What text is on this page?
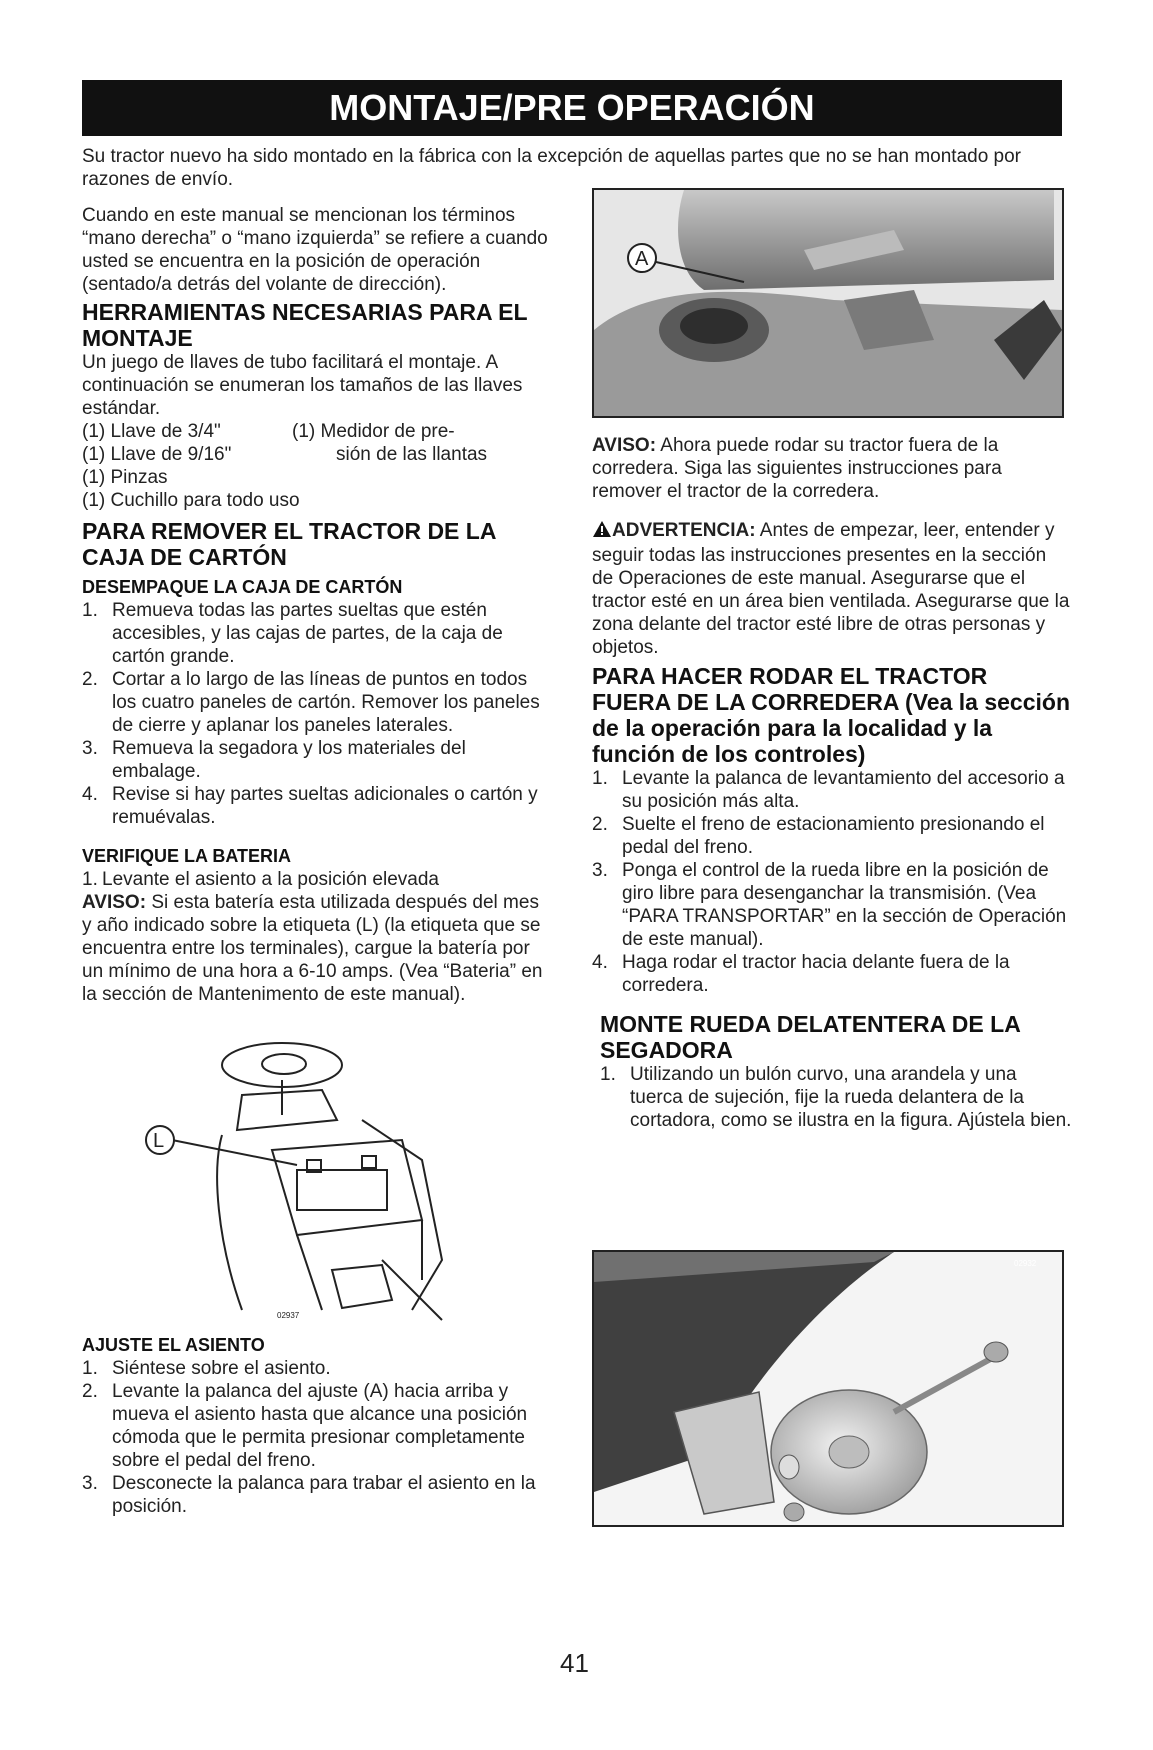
MONTAJE/PRE OPERACIÓN

Su tractor nuevo ha sido montado en la fábrica con la excepción de aquellas partes que no se han montado por razones de envío.

Cuando en este manual se mencionan los términos “mano derecha” o “mano izquierda” se refiere a cuando usted se encuentra en la posición de operación (sentado/a detrás del volante de dirección).

HERRAMIENTAS NECESARIAS PARA EL MONTAJE

Un juego de llaves de tubo facilitará el montaje. A continuación se enumeran los tamaños de las llaves estándar.

(1) Llave de 3/4"
(1) Llave de 9/16"
(1) Medidor de pre-
sión de las llantas
(1) Pinzas
(1) Cuchillo para todo uso
PARA REMOVER EL TRACTOR DE LA CAJA DE CARTÓN
DESEMPAQUE LA CAJA DE CARTÓN
1. Remueva todas las partes sueltas que estén accesibles, y las cajas de partes, de la caja de cartón grande.
2. Cortar a lo largo de las líneas de puntos en todos los cuatro paneles de cartón. Remover los paneles de cierre y aplanar los paneles laterales.
3. Remueva la segadora y los materiales del embalage.
4. Revise si hay partes sueltas adicionales o cartón y remuévalas.
VERIFIQUE LA BATERIA
1. Levante el asiento a la posición elevada

AVISO: Si esta batería esta utilizada después del mes y año indicado sobre la etiqueta (L) (la etiqueta que se encuentra entre los terminales), cargue la batería por un mínimo de una hora a 6-10 amps. (Vea “Bateria” en la sección de Mantenimento de este manual).

L
02937
AJUSTE EL ASIENTO
1. Siéntese sobre el asiento.
2. Levante la palanca del ajuste (A) hacia arriba y mueva el asiento hasta que alcance una posición cómoda que le permita presionar completamente sobre el pedal del freno.
3. Desconecte la palanca para trabar el asiento en la posición.
A

AVISO: Ahora puede rodar su tractor fuera de la corredera. Siga las siguientes instrucciones para remover el tractor de la corredera.

ADVERTENCIA: Antes de empezar, leer, entender y seguir todas las instrucciones presentes en la sección de Operaciones de este manual. Asegurarse que el tractor esté en un área bien ventilada. Asegurarse que la zona delante del tractor esté libre de otras personas y objetos.

PARA HACER RODAR EL TRACTOR FUERA DE LA CORREDERA (Vea la sección de la operación para la localidad y la función de los controles)
1. Levante la palanca de levantamiento del accesorio a su posición más alta.
2. Suelte el freno de estacionamiento presionando el pedal del freno.
3. Ponga el control de la rueda libre en la posición de giro libre para desenganchar la transmisión. (Vea “PARA TRANSPORTAR” en la sección de Operación de este manual).
4. Haga rodar el tractor hacia delante fuera de la corredera.
MONTE RUEDA DELATENTERA DE LA SEGADORA
1. Utilizando un bulón curvo, una arandela y una tuerca de sujeción, fije la rueda delantera de la cortadora, como se ilustra en la figura. Ajústela bien.
02932
41
